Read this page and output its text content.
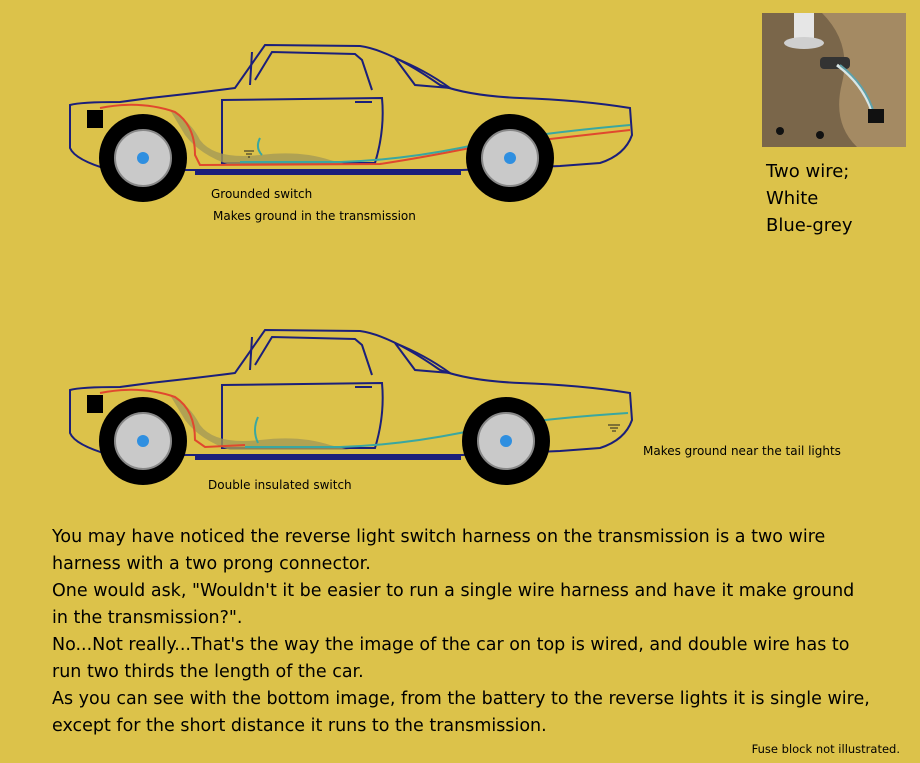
Grounded switch
Makes ground in the transmission
Two wire;
White
Blue-grey
Makes ground near the tail lights
Double insulated switch

You may have noticed the reverse light switch harness on the transmission is a two wire harness with a two prong connector.

One would ask, "Wouldn't it be easier to run a single wire harness and have it make ground in the transmission?".

No...Not really...That's the way the image of the car on top is wired, and double wire has to run two thirds the length of the car.

As you can see with the bottom image, from the battery to the reverse lights it is single wire, except for the short distance it runs to the transmission.

Fuse block not illustrated.
